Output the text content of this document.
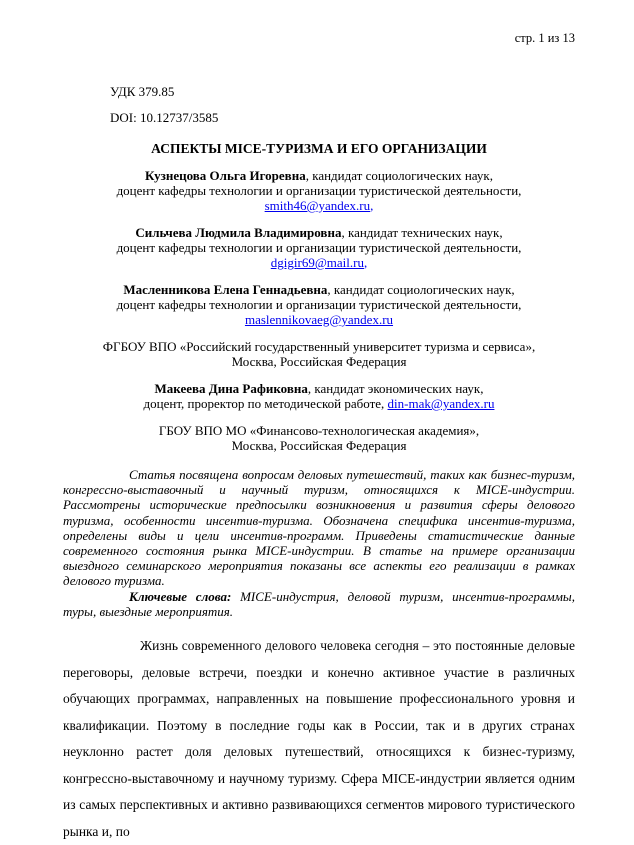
стр. 1 из 13
УДК 379.85
DOI: 10.12737/3585
АСПЕКТЫ MICE-ТУРИЗМА И ЕГО ОРГАНИЗАЦИИ
Кузнецова Ольга Игоревна, кандидат социологических наук,
доцент кафедры технологии и организации туристической деятельности,
smith46@yandex.ru,
Сильчева Людмила Владимировна, кандидат технических наук,
доцент кафедры технологии и организации туристической деятельности,
dgigir69@mail.ru,
Масленникова Елена Геннадьевна, кандидат социологических наук,
доцент кафедры технологии и организации туристической деятельности,
maslennikovaeg@yandex.ru
ФГБОУ ВПО «Российский государственный университет туризма и сервиса»,
Москва, Российская Федерация
Макеева Дина Рафиковна, кандидат экономических наук,
доцент, проректор по методической работе, din-mak@yandex.ru
ГБОУ ВПО МО «Финансово-технологическая академия»,
Москва, Российская Федерация

Статья посвящена вопросам деловых путешествий, таких как бизнес-туризм, конгрессно-выставочный и научный туризм, относящихся к MICE-индустрии. Рассмотрены исторические предпосылки возникновения и развития сферы делового туризма, особенности инсентив-туризма. Обозначена специфика инсентив-туризма, определены виды и цели инсентив-программ. Приведены статистические данные современного состояния рынка MICE-индустрии. В статье на примере организации выездного семинарского мероприятия показаны все аспекты его реализации в рамках делового туризма.

Ключевые слова: MICE-индустрия, деловой туризм, инсентив-программы, туры, выездные мероприятия.

Жизнь современного делового человека сегодня – это постоянные деловые переговоры, деловые встречи, поездки и конечно активное участие в различных обучающих программах, направленных на повышение профессионального уровня и квалификации. Поэтому в последние годы как в России, так и в других странах неуклонно растет доля деловых путешествий, относящихся к бизнес-туризму, конгрессно-выставочному и научному туризму. Сфера MICE-индустрии является одним из самых перспективных и активно развивающихся сегментов мирового туристического рынка и, по
